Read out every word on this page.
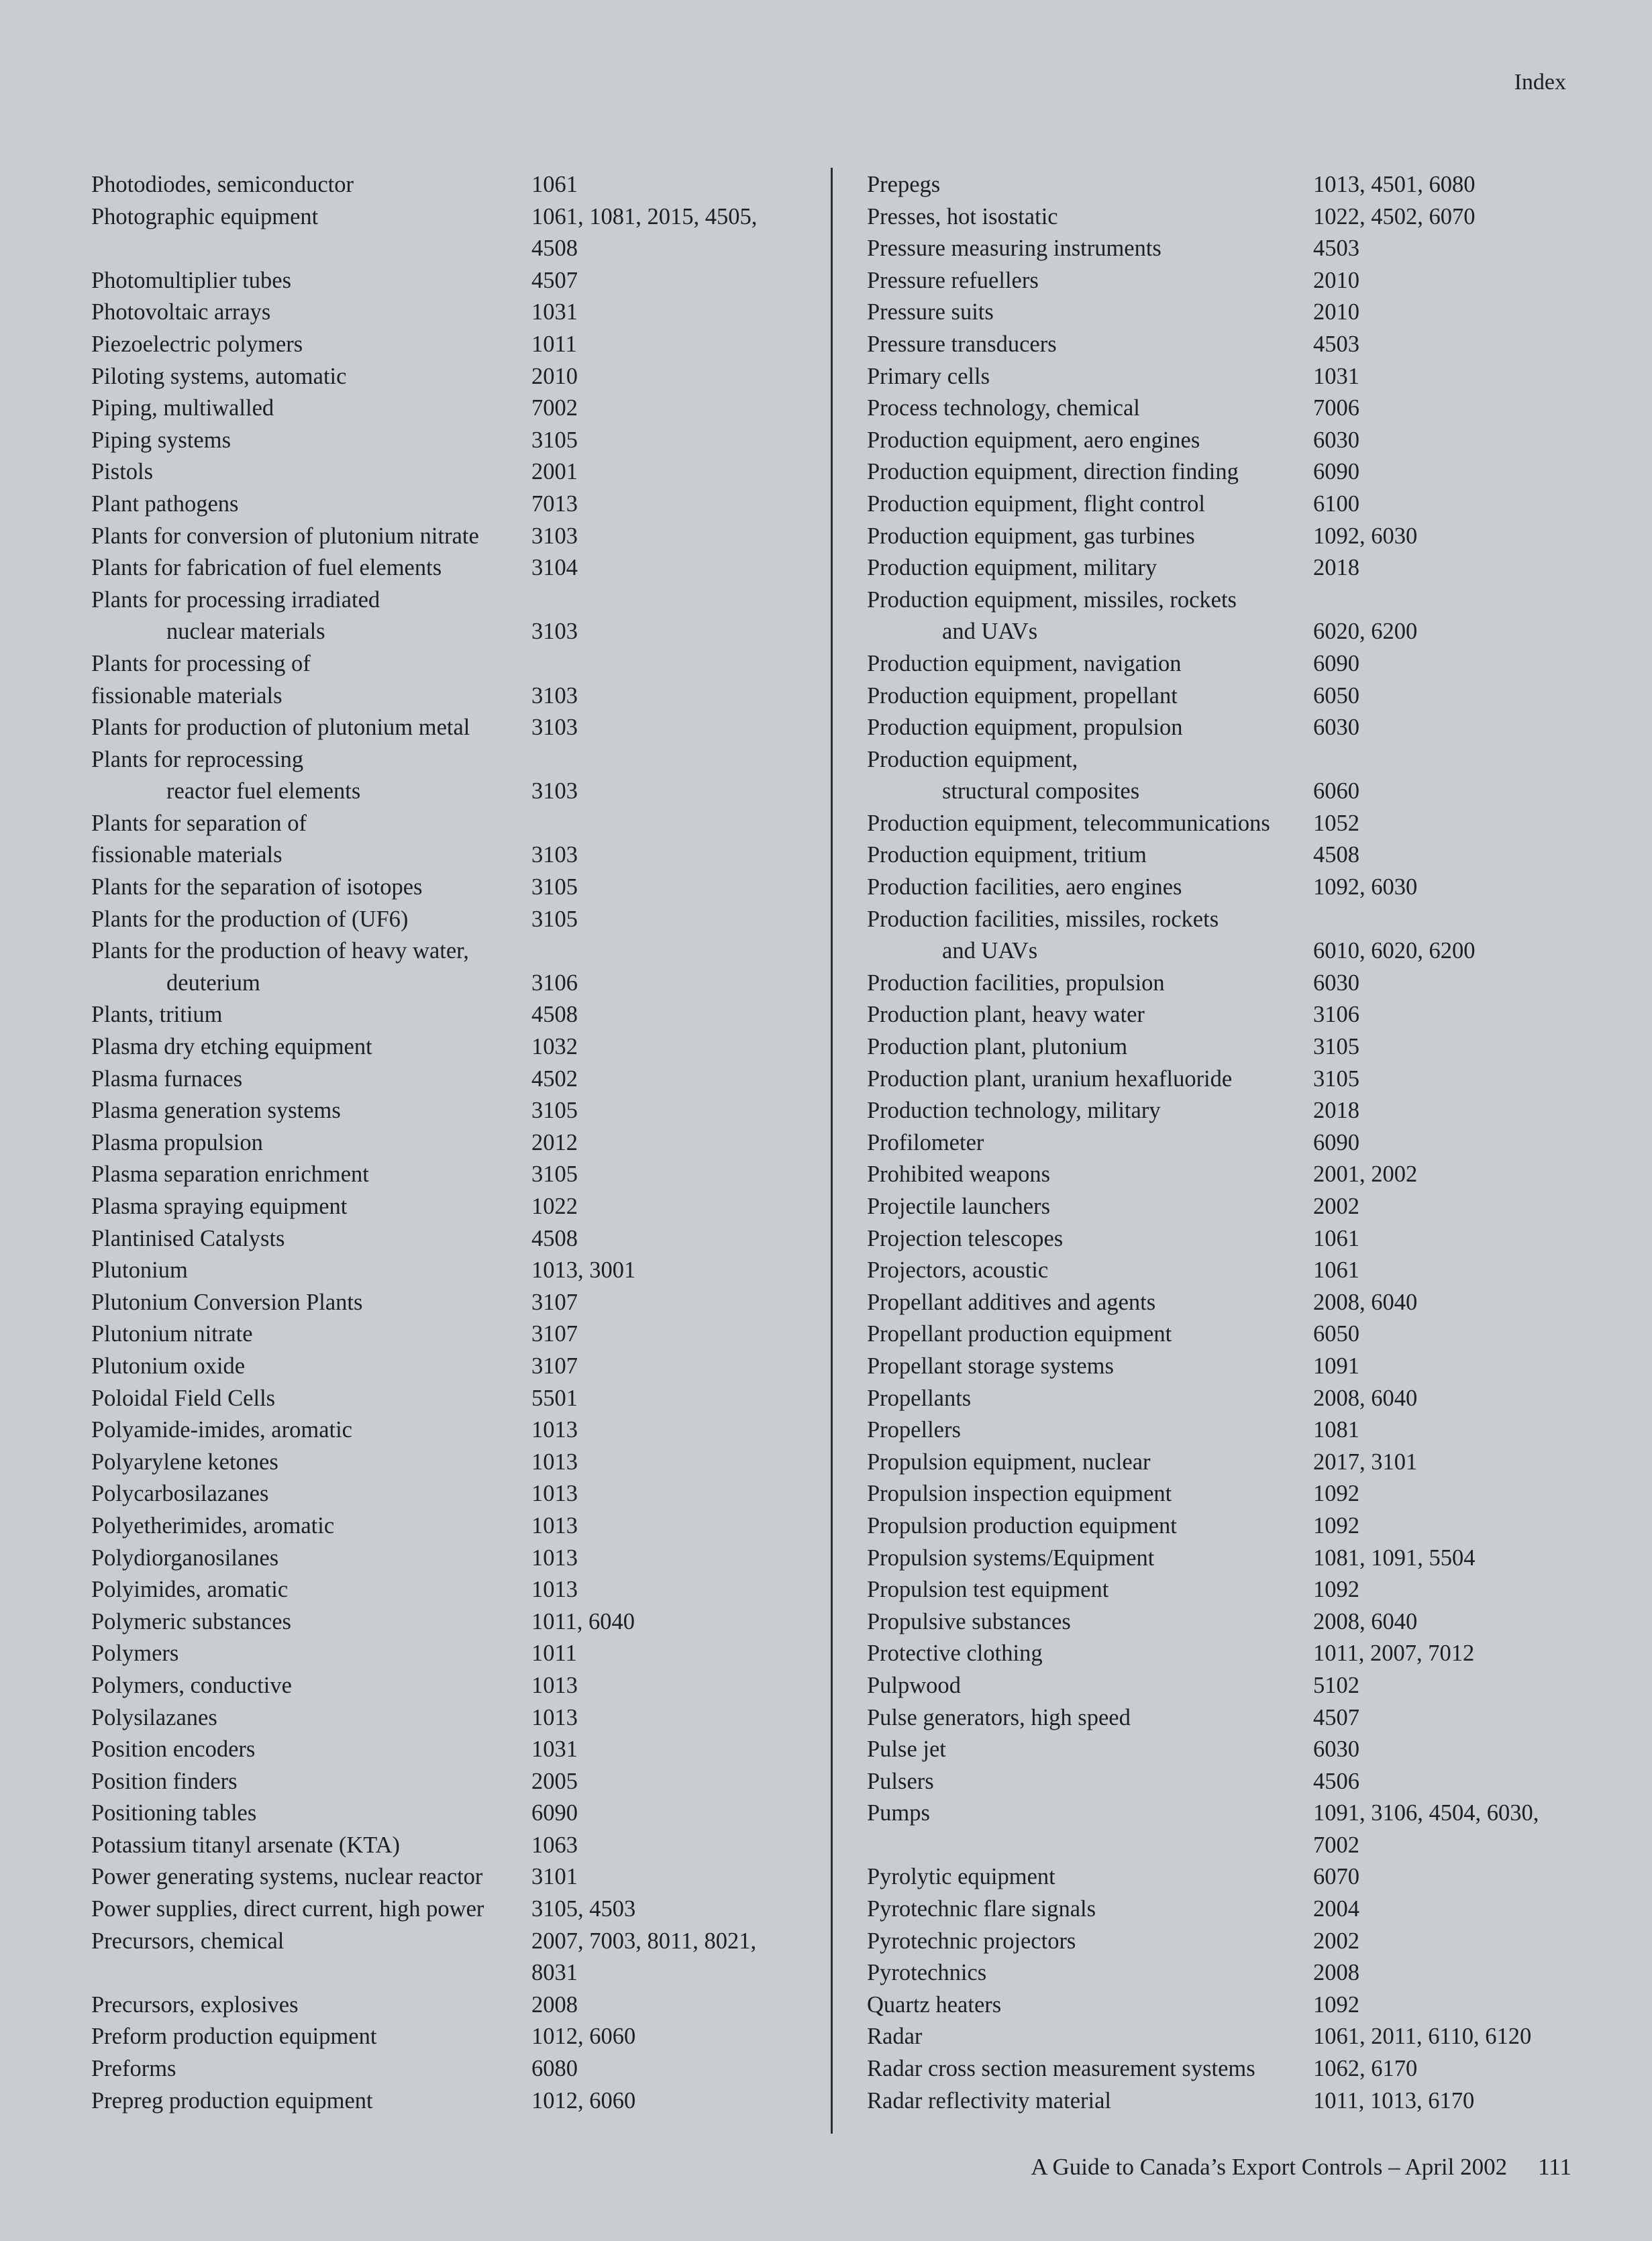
Index
Photodiodes, semiconductor	1061
Photographic equipment	1061, 1081, 2015, 4505,
4508
Photomultiplier tubes	4507
Photovoltaic arrays	1031
Piezoelectric polymers	1011
Piloting systems, automatic	2010
Piping, multiwalled	7002
Piping systems	3105
Pistols	2001
Plant pathogens	7013
Plants for conversion of plutonium nitrate	3103
Plants for fabrication of fuel elements	3104
Plants for processing irradiated
nuclear materials	3103
Plants for processing of
fissionable materials	3103
Plants for production of plutonium metal	3103
Plants for reprocessing
reactor fuel elements	3103
Plants for separation of
fissionable materials	3103
Plants for the separation of isotopes	3105
Plants for the production of (UF6)	3105
Plants for the production of heavy water,
deuterium	3106
Plants, tritium	4508
Plasma dry etching equipment	1032
Plasma furnaces	4502
Plasma generation systems	3105
Plasma propulsion	2012
Plasma separation enrichment	3105
Plasma spraying equipment	1022
Plantinised Catalysts	4508
Plutonium	1013, 3001
Plutonium Conversion Plants	3107
Plutonium nitrate	3107
Plutonium oxide	3107
Poloidal Field Cells	5501
Polyamide-imides, aromatic	1013
Polyarylene ketones	1013
Polycarbosilazanes	1013
Polyetherimides, aromatic	1013
Polydiorganosilanes	1013
Polyimides, aromatic	1013
Polymeric substances	1011, 6040
Polymers	1011
Polymers, conductive	1013
Polysilazanes	1013
Position encoders	1031
Position finders	2005
Positioning tables	6090
Potassium titanyl arsenate (KTA)	1063
Power generating systems, nuclear reactor	3101
Power supplies, direct current, high power	3105, 4503
Precursors, chemical	2007, 7003, 8011, 8021,
8031
Precursors, explosives	2008
Preform production equipment	1012, 6060
Preforms	6080
Prepreg production equipment	1012, 6060
Prepegs	1013, 4501, 6080
Presses, hot isostatic	1022, 4502, 6070
Pressure measuring instruments	4503
Pressure refuellers	2010
Pressure suits	2010
Pressure transducers	4503
Primary cells	1031
Process technology, chemical	7006
Production equipment, aero engines	6030
Production equipment, direction finding	6090
Production equipment, flight control	6100
Production equipment, gas turbines	1092, 6030
Production equipment, military	2018
Production equipment, missiles, rockets
and UAVs	6020, 6200
Production equipment, navigation	6090
Production equipment, propellant	6050
Production equipment, propulsion	6030
Production equipment,
structural composites	6060
Production equipment, telecommunications	1052
Production equipment, tritium	4508
Production facilities, aero engines	1092, 6030
Production facilities, missiles, rockets
and UAVs	6010, 6020, 6200
Production facilities, propulsion	6030
Production plant, heavy water	3106
Production plant, plutonium	3105
Production plant, uranium hexafluoride	3105
Production technology, military	2018
Profilometer	6090
Prohibited weapons	2001, 2002
Projectile launchers	2002
Projection telescopes	1061
Projectors, acoustic	1061
Propellant additives and agents	2008, 6040
Propellant production equipment	6050
Propellant storage systems	1091
Propellants	2008, 6040
Propellers	1081
Propulsion equipment, nuclear	2017, 3101
Propulsion inspection equipment	1092
Propulsion production equipment	1092
Propulsion systems/Equipment	1081, 1091, 5504
Propulsion test equipment	1092
Propulsive substances	2008, 6040
Protective clothing	1011, 2007, 7012
Pulpwood	5102
Pulse generators, high speed	4507
Pulse jet	6030
Pulsers	4506
Pumps	1091, 3106, 4504, 6030,
7002
Pyrolytic equipment	6070
Pyrotechnic flare signals	2004
Pyrotechnic projectors	2002
Pyrotechnics	2008
Quartz heaters	1092
Radar	1061, 2011, 6110, 6120
Radar cross section measurement systems	1062, 6170
Radar reflectivity material	1011, 1013, 6170
A Guide to Canada’s Export Controls – April 2002 111
